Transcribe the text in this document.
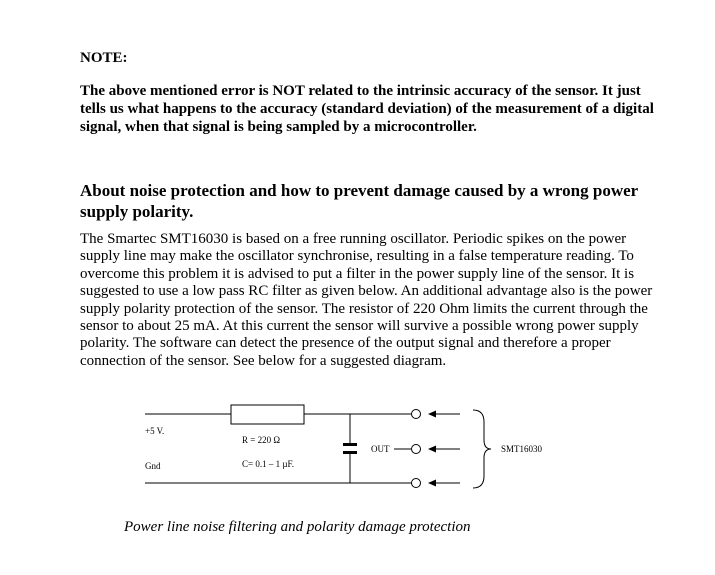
NOTE:

The above mentioned error is NOT related to the intrinsic accuracy of the sensor. It just tells us what happens to the accuracy (standard deviation) of the measurement of a digital signal, when that signal is being sampled by a microcontroller.

About noise protection and how to prevent damage caused by a wrong power supply polarity.

The Smartec SMT16030 is based on a free running oscillator. Periodic spikes on the power supply line may make the oscillator synchronise, resulting in a false temperature reading. To overcome this problem it is advised to put a filter in the power supply line of the sensor. It is suggested to use a low pass RC filter as given below. An additional advantage also is the power supply polarity protection of the sensor. The resistor of 220 Ohm limits the current through the sensor to about 25 mA. At this current the sensor will survive a possible wrong power supply polarity. The software can detect the presence of the output signal and therefore a proper connection of the sensor. See below for a suggested diagram.

+5 V.
Gnd
R = 220 Ω
C= 0.1 – 1 µF.
OUT	SMT16030

Power line noise filtering and polarity damage protection
